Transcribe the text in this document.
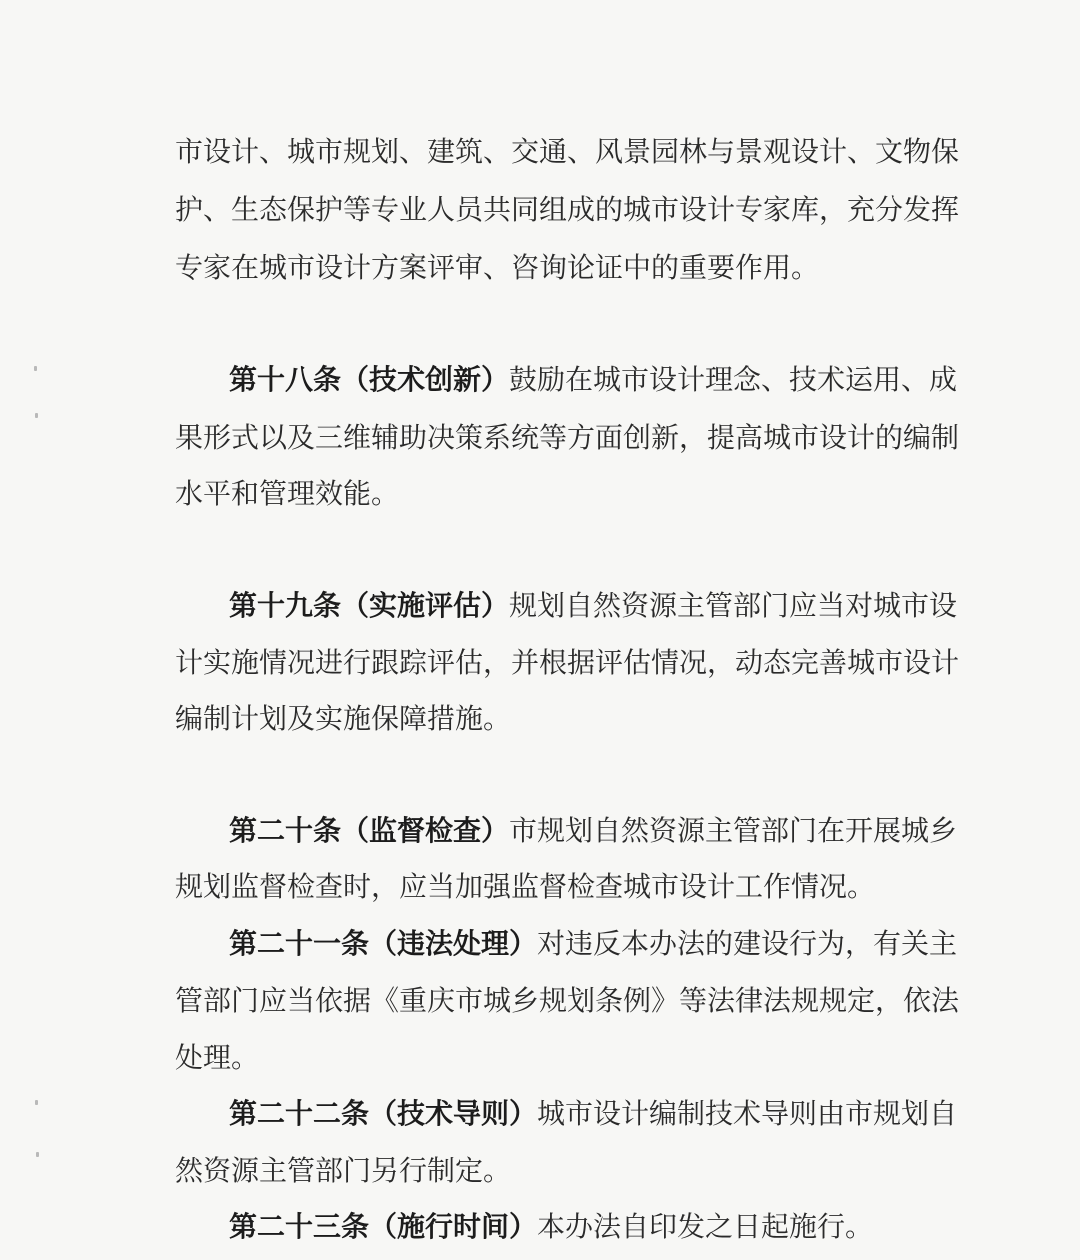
市设计、城市规划、建筑、交通、风景园林与景观设计、文物保
护、生态保护等专业人员共同组成的城市设计专家库，充分发挥
专家在城市设计方案评审、咨询论证中的重要作用。
第十八条（技术创新）鼓励在城市设计理念、技术运用、成
果形式以及三维辅助决策系统等方面创新，提高城市设计的编制
水平和管理效能。
第十九条（实施评估）规划自然资源主管部门应当对城市设
计实施情况进行跟踪评估，并根据评估情况，动态完善城市设计
编制计划及实施保障措施。
第二十条（监督检查）市规划自然资源主管部门在开展城乡
规划监督检查时，应当加强监督检查城市设计工作情况。
第二十一条（违法处理）对违反本办法的建设行为，有关主
管部门应当依据《重庆市城乡规划条例》等法律法规规定，依法
处理。
第二十二条（技术导则）城市设计编制技术导则由市规划自
然资源主管部门另行制定。
第二十三条（施行时间）本办法自印发之日起施行。
